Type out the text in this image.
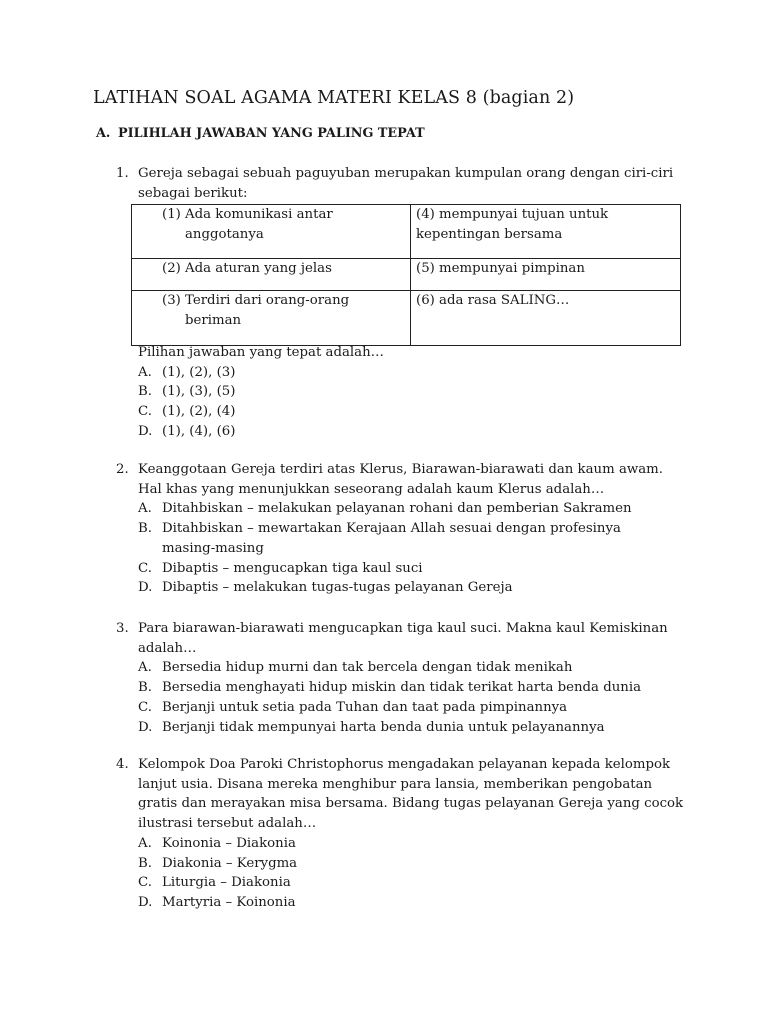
LATIHAN SOAL AGAMA MATERI KELAS 8 (bagian 2)
A. PILIHLAH JAWABAN YANG PALING TEPAT
1. Gereja sebagai sebuah paguyuban merupakan kumpulan orang dengan ciri-ciri sebagai berikut:

(1) Ada komunikasi antar anggotanya	(4) mempunyai tujuan untuk kepentingan bersama

(2) Ada aturan yang jelas	(5) mempunyai pimpinan

(3) Terdiri dari orang-orang beriman	(6) ada rasa SALING…
Pilihan jawaban yang tepat adalah…
A. (1), (2), (3)
B. (1), (3), (5)
C. (1), (2), (4)
D. (1), (4), (6)
2. Keanggotaan Gereja terdiri atas Klerus, Biarawan-biarawati dan kaum awam. Hal khas yang menunjukkan seseorang adalah kaum Klerus adalah…

A. Ditahbiskan – melakukan pelayanan rohani dan pemberian Sakramen
B. Ditahbiskan – mewartakan Kerajaan Allah sesuai dengan profesinya masing-masing
C. Dibaptis – mengucapkan tiga kaul suci
D. Dibaptis – melakukan tugas-tugas pelayanan Gereja
3. Para biarawan-biarawati mengucapkan tiga kaul suci. Makna kaul Kemiskinan adalah…

A. Bersedia hidup murni dan tak bercela dengan tidak menikah
B. Bersedia menghayati hidup miskin dan tidak terikat harta benda dunia
C. Berjanji untuk setia pada Tuhan dan taat pada pimpinannya
D. Berjanji tidak mempunyai harta benda dunia untuk pelayanannya
4. Kelompok Doa Paroki Christophorus mengadakan pelayanan kepada kelompok lanjut usia. Disana mereka menghibur para lansia, memberikan pengobatan gratis dan merayakan misa bersama. Bidang tugas pelayanan Gereja yang cocok ilustrasi tersebut adalah…

A. Koinonia – Diakonia
B. Diakonia – Kerygma
C. Liturgia – Diakonia
D. Martyria – Koinonia
